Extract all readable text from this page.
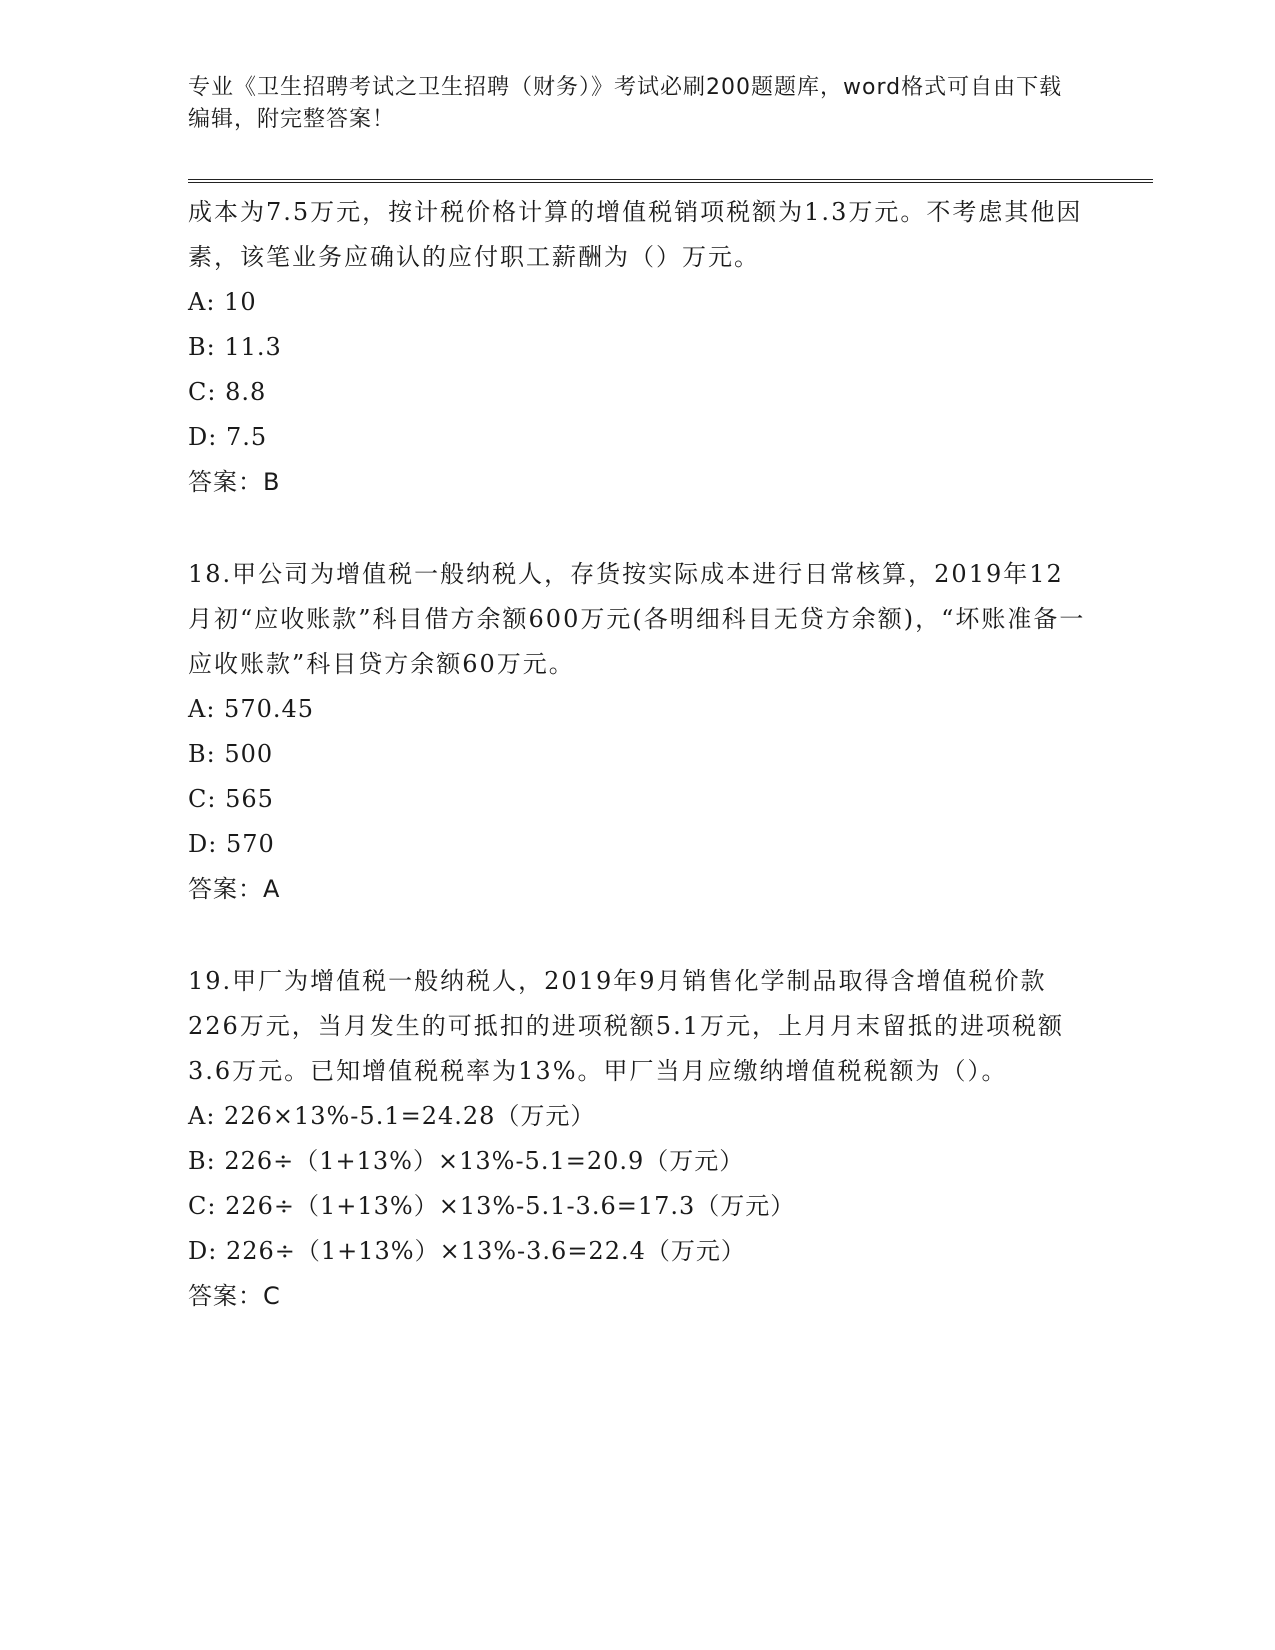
专业《卫生招聘考试之卫生招聘（财务）》考试必刷200题题库，word格式可自由下载编辑，附完整答案！

成本为7.5万元，按计税价格计算的增值税销项税额为1.3万元。不考虑其他因素，该笔业务应确认的应付职工薪酬为（）万元。

A: 10

B: 11.3

C: 8.8

D: 7.5

答案：B

18.甲公司为增值税一般纳税人，存货按实际成本进行日常核算，2019年12月初“应收账款”科目借方余额600万元(各明细科目无贷方余额)，“坏账准备一应收账款”科目贷方余额60万元。

A: 570.45

B: 500

C: 565

D: 570

答案：A

19.甲厂为增值税一般纳税人，2019年9月销售化学制品取得含增值税价款226万元，当月发生的可抵扣的进项税额5.1万元，上月月末留抵的进项税额3.6万元。已知增值税税率为13%。甲厂当月应缴纳增值税税额为（）。

A: 226×13%-5.1=24.28（万元）

B: 226÷（1+13%）×13%-5.1=20.9（万元）

C: 226÷（1+13%）×13%-5.1-3.6=17.3（万元）

D: 226÷（1+13%）×13%-3.6=22.4（万元）

答案：C
